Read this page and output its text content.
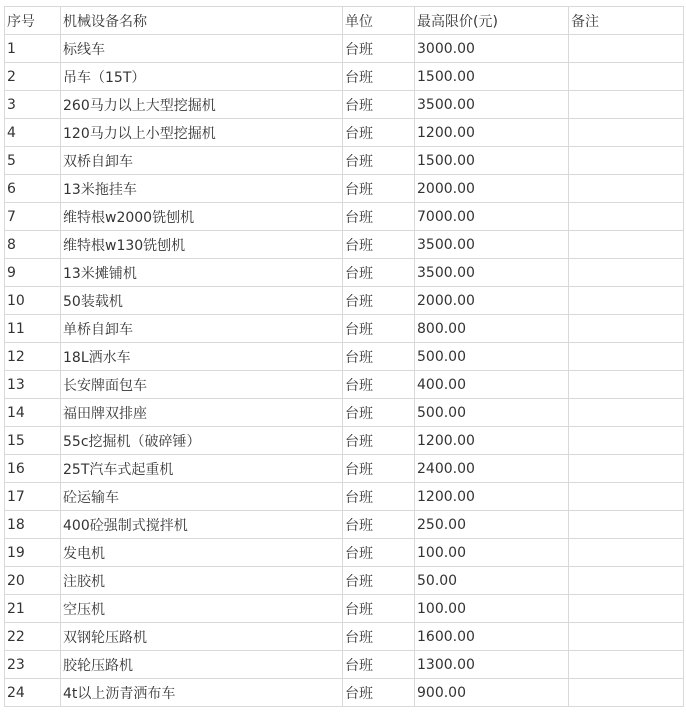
序号	机械设备名称	单位	最高限价(元)	备注
1	标线车	台班	3000.00	
2	吊车（15T）	台班	1500.00	
3	260马力以上大型挖掘机	台班	3500.00	
4	120马力以上小型挖掘机	台班	1200.00	
5	双桥自卸车	台班	1500.00	
6	13米拖挂车	台班	2000.00	
7	维特根w2000铣刨机	台班	7000.00	
8	维特根w130铣刨机	台班	3500.00	
9	13米摊铺机	台班	3500.00	
10	50装载机	台班	2000.00	
11	单桥自卸车	台班	800.00	
12	18L洒水车	台班	500.00	
13	长安牌面包车	台班	400.00	
14	福田牌双排座	台班	500.00	
15	55c挖掘机（破碎锤）	台班	1200.00	
16	25T汽车式起重机	台班	2400.00	
17	砼运输车	台班	1200.00	
18	400砼强制式搅拌机	台班	250.00	
19	发电机	台班	100.00	
20	注胶机	台班	50.00	
21	空压机	台班	100.00	
22	双钢轮压路机	台班	1600.00	
23	胶轮压路机	台班	1300.00	
24	4t以上沥青洒布车	台班	900.00	
